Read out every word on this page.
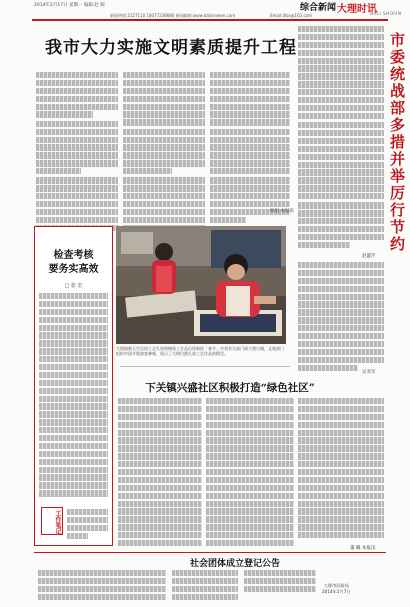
2014年2月17日 星期一 编辑:赵 版	综合新闻 大理时讯
DALI SHIXUN
新闻热线:2127110 18077238880 新闻邮箱:www.dalixinwen.com	Email:dlsx@163.com
我市大力实施文明素质提升工程
杨旭 本报讯
赵蕙芹
吴亚军
市委统战部多措并举厉行节约
检查考核
要务实高效
□ 张 宏
工作笔记
大理镇新玉生民间工艺扎染和蜡染工艺品出现新的「春节」市省有关部门到大理古城，文旅部门组织中国多地游客参观，展示了大理白族扎染工艺作品的精美。
下关镇兴盛社区积极打造“绿色社区”
董 曦 本报讯
社会团体成立登记公告
大理市民政局
2014年1月7日
